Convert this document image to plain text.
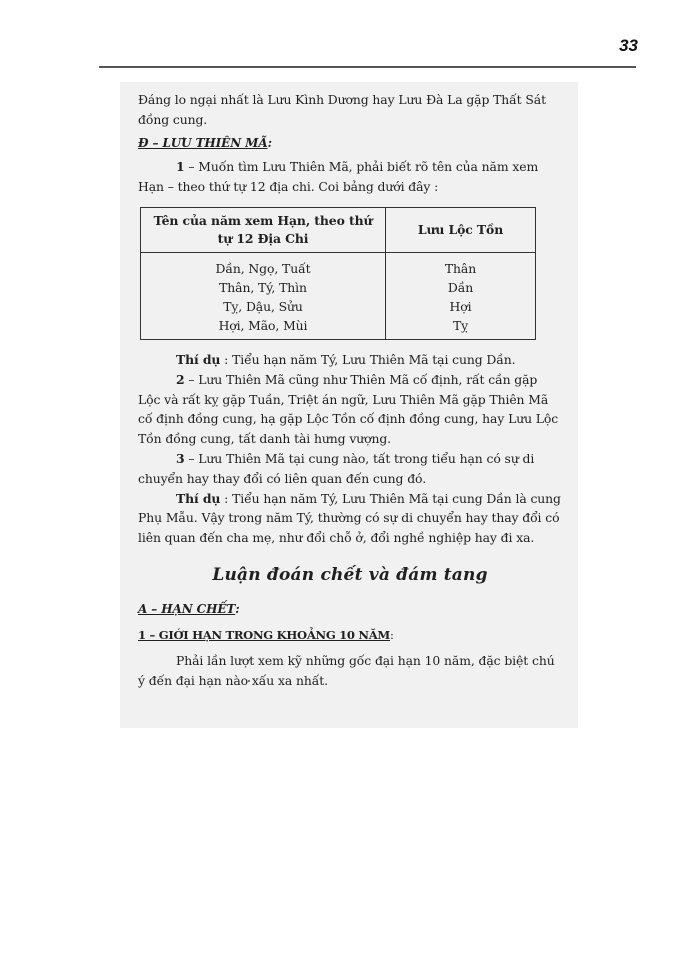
33

Đáng lo ngại nhất là Lưu Kình Dương hay Lưu Đà La gặp Thất Sát đồng cung.

Đ – LƯU THIÊN MÃ:

1 – Muốn tìm Lưu Thiên Mã, phải biết rõ tên của năm xem Hạn – theo thứ tự 12 địa chi. Coi bảng dưới đây :

Tên của năm xem Hạn, theo thứ tự 12 Địa Chi	Lưu Lộc Tồn
Dần, Ngọ, Tuất	Thân
Thân, Tý, Thìn	Dần
Tỵ, Dậu, Sửu	Hợi
Hợi, Mão, Mùi	Tỵ

Thí dụ : Tiểu hạn năm Tý, Lưu Thiên Mã tại cung Dần.

2 – Lưu Thiên Mã cũng như Thiên Mã cố định, rất cần gặp Lộc và rất kỵ gặp Tuần, Triệt án ngữ, Lưu Thiên Mã gặp Thiên Mã cố định đồng cung, hạ gặp Lộc Tồn cố định đồng cung, hay Lưu Lộc Tồn đồng cung, tất danh tài hưng vượng.

3 – Lưu Thiên Mã tại cung nào, tất trong tiểu hạn có sự di chuyển hay thay đổi có liên quan đến cung đó.

Thí dụ : Tiểu hạn năm Tý, Lưu Thiên Mã tại cung Dần là cung Phụ Mẫu. Vậy trong năm Tý, thường có sự di chuyển hay thay đổi có liên quan đến cha mẹ, như đổi chỗ ở, đổi nghề nghiệp hay đi xa.

Luận đoán chết và đám tang

A – HẠN CHẾT:

1 – GIỚI HẠN TRONG KHOẢNG 10 NĂM:

Phải lần lượt xem kỹ những gốc đại hạn 10 năm, đặc biệt chú ý đến đại hạn nào xấu xa nhất.
